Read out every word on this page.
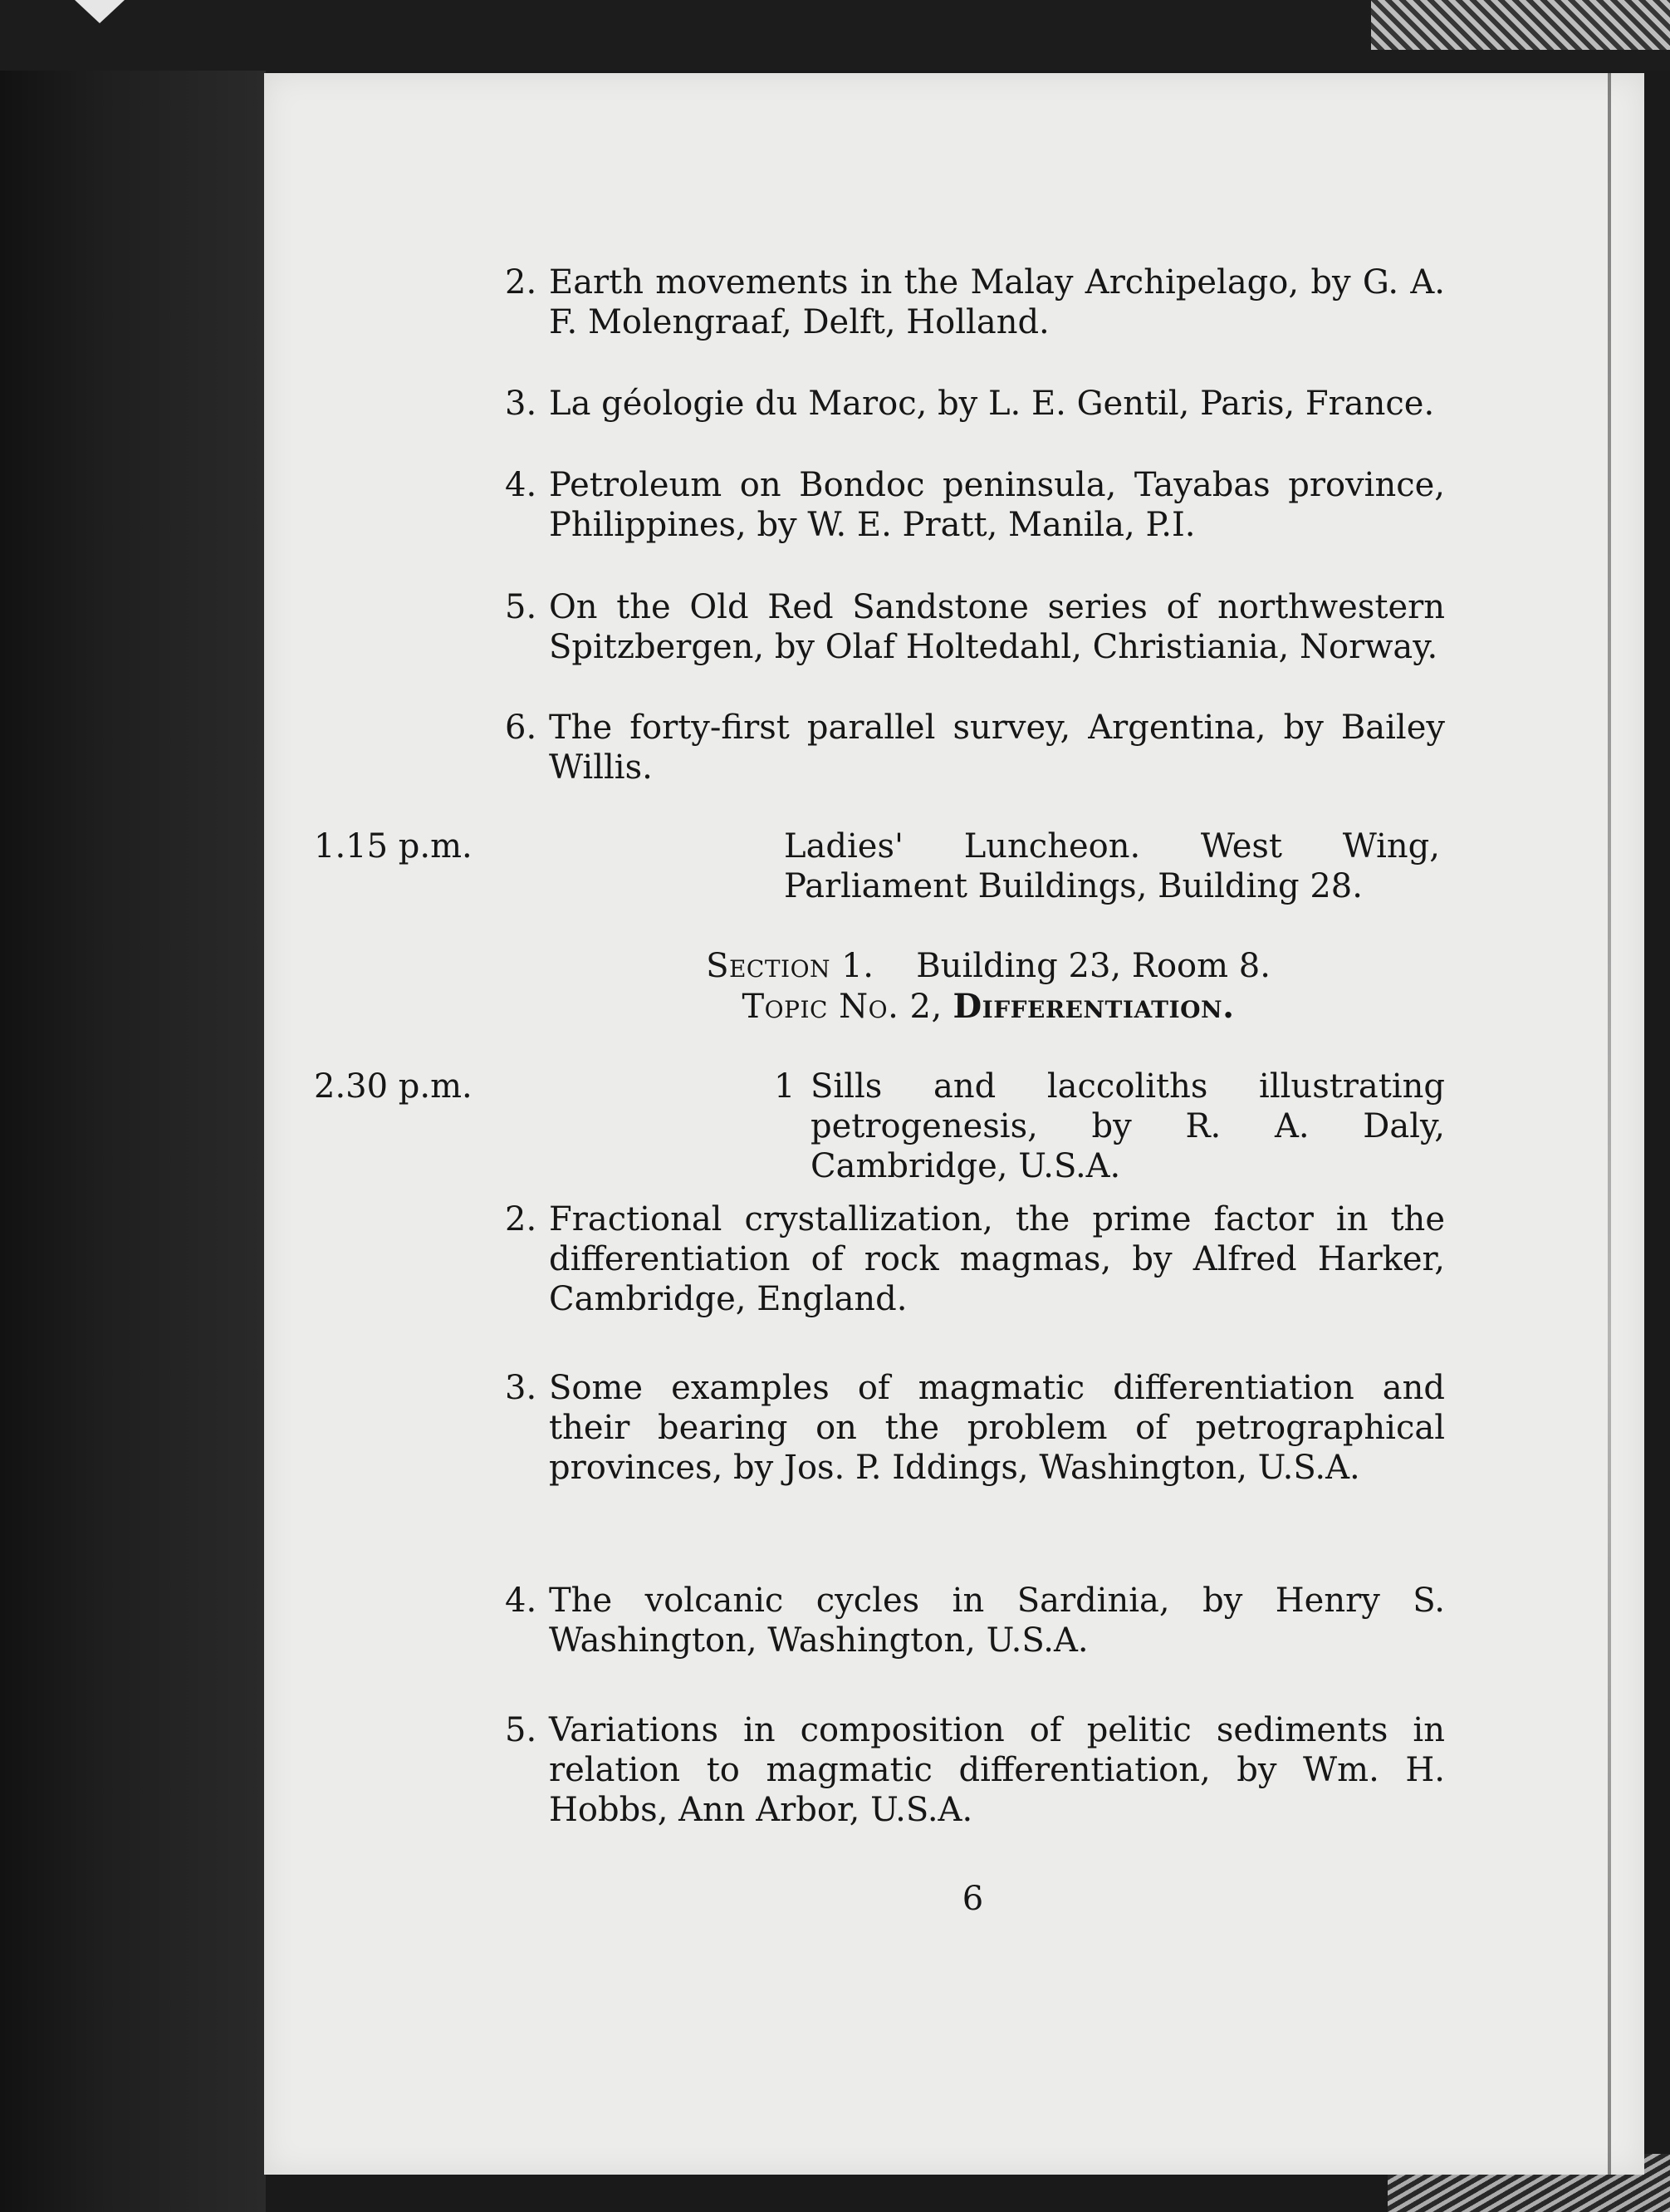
2. Earth movements in the Malay Archipelago, by G. A. F. Molengraaf, Delft, Holland.
3. La géologie du Maroc, by L. E. Gentil, Paris, France.
4. Petroleum on Bondoc peninsula, Tayabas province, Philippines, by W. E. Pratt, Manila, P.I.
5. On the Old Red Sandstone series of northwestern Spitzbergen, by Olaf Holtedahl, Christiania, Norway.
6. The forty-first parallel survey, Argentina, by Bailey Willis.
1.15 p.m.	Ladies' Luncheon. West Wing, Parliament Buildings, Building 28.
Section 1. Building 23, Room 8.
Topic No. 2, Differentiation.
2.30 p.m.	1 Sills and laccoliths illustrating petrogenesis, by R. A. Daly, Cambridge, U.S.A.
2. Fractional crystallization, the prime factor in the differentiation of rock magmas, by Alfred Harker, Cambridge, England.
3. Some examples of magmatic differentiation and their bearing on the problem of petrographical provinces, by Jos. P. Iddings, Washington, U.S.A.
4. The volcanic cycles in Sardinia, by Henry S. Washington, Washington, U.S.A.
5. Variations in composition of pelitic sediments in relation to magmatic differentiation, by Wm. H. Hobbs, Ann Arbor, U.S.A.
6
